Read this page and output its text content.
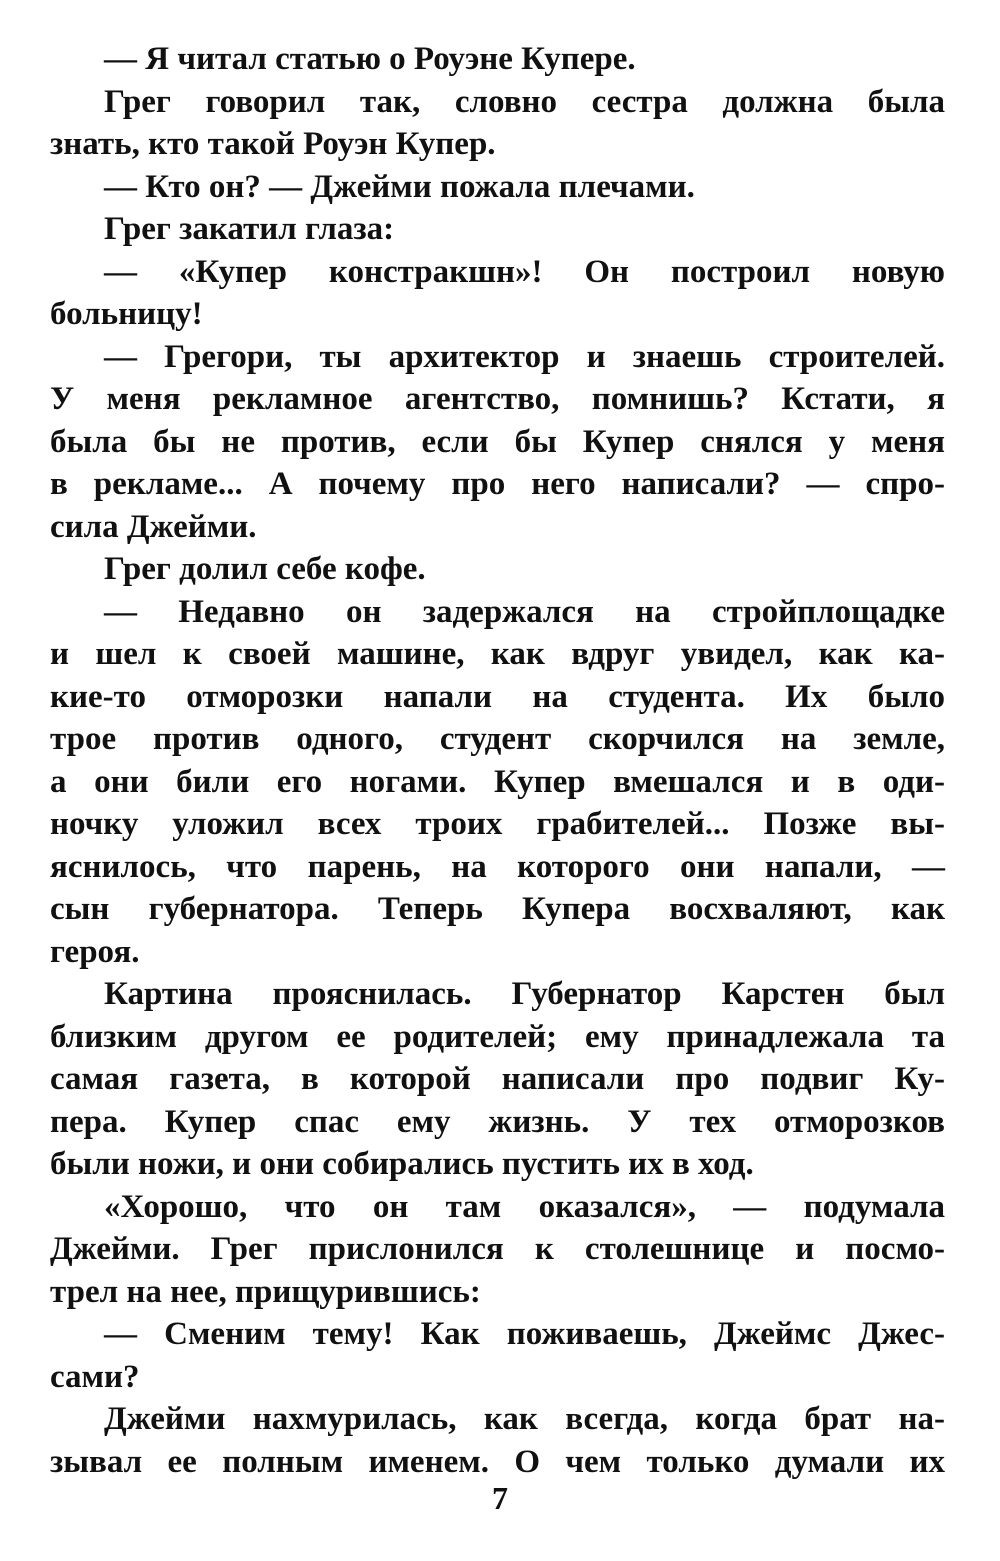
— Я читал статью о Роуэне Купере.
Грег говорил так, словно сестра должна была
знать, кто такой Роуэн Купер.
— Кто он? — Джейми пожала плечами.
Грег закатил глаза:
— «Купер констракшн»! Он построил новую
больницу!
— Грегори, ты архитектор и знаешь строителей.
У меня рекламное агентство, помнишь? Кстати, я
была бы не против, если бы Купер снялся у меня
в рекламе... А почему про него написали? — спро-
сила Джейми.
Грег долил себе кофе.
— Недавно он задержался на стройплощадке
и шел к своей машине, как вдруг увидел, как ка-
кие-то отморозки напали на студента. Их было
трое против одного, студент скорчился на земле,
а они били его ногами. Купер вмешался и в оди-
ночку уложил всех троих грабителей... Позже вы-
яснилось, что парень, на которого они напали, —
сын губернатора. Теперь Купера восхваляют, как
героя.
Картина прояснилась. Губернатор Карстен был
близким другом ее родителей; ему принадлежала та
самая газета, в которой написали про подвиг Ку-
пера. Купер спас ему жизнь. У тех отморозков
были ножи, и они собирались пустить их в ход.
«Хорошо, что он там оказался», — подумала
Джейми. Грег прислонился к столешнице и посмо-
трел на нее, прищурившись:
— Сменим тему! Как поживаешь, Джеймс Джес-
сами?
Джейми нахмурилась, как всегда, когда брат на-
зывал ее полным именем. О чем только думали их
7
